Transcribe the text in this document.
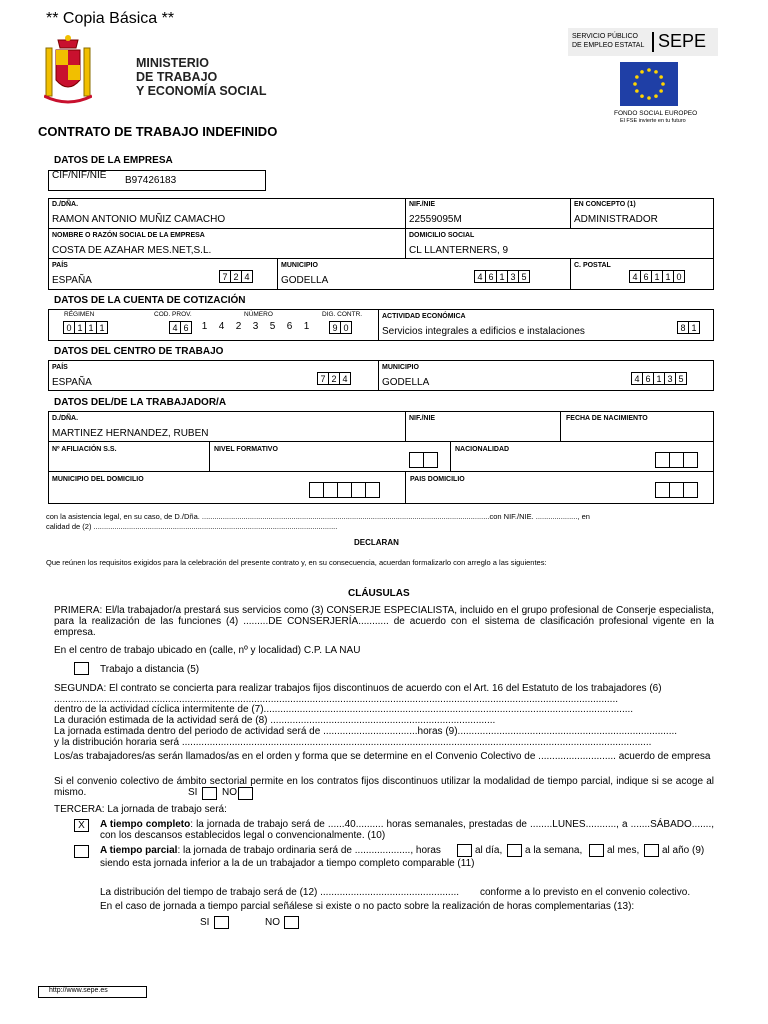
** Copia Básica **
MINISTERIO
DE TRABAJO
Y ECONOMÍA SOCIAL
SERVICIO PÚBLICO
DE EMPLEO ESTATAL SEPE
FONDO SOCIAL EUROPEO
El FSE invierte en tu futuro
CONTRATO DE TRABAJO INDEFINIDO
DATOS DE LA EMPRESA
CIF/NIF/NIE B97426183
D./DÑA.
RAMON ANTONIO MUÑIZ CAMACHO
NIF./NIE
22559095M
EN CONCEPTO (1)
ADMINISTRADOR
NOMBRE O RAZÓN SOCIAL DE LA EMPRESA
COSTA DE AZAHAR MES.NET,S.L.
DOMICILIO SOCIAL
CL LLANTERNERS, 9
PAÍS
ESPAÑA	7 2 4
MUNICIPIO
GODELLA	4 6 1 3 5
C. POSTAL
4 6 1 1 0
DATOS DE LA CUENTA DE COTIZACIÓN
RÉGIMEN
0 1 1 1
COD. PROV.
4 6
NÚMERO
1	4	2	3	5	6	1
DIG. CONTR.
9 0
ACTIVIDAD ECONÓMICA
Servicios integrales a edificios e instalaciones	8 1
DATOS DEL CENTRO DE TRABAJO
PAÍS
ESPAÑA	7 2 4
MUNICIPIO
GODELLA	4 6 1 3 5
DATOS DEL/DE LA TRABAJADOR/A
D./DÑA.
MARTINEZ HERNANDEZ, RUBEN
NIF./NIE	FECHA DE NACIMIENTO
Nº AFILIACIÓN S.S.	NIVEL FORMATIVO	NACIONALIDAD
MUNICIPIO DEL DOMICILIO	PAIS DOMICILIO
con la asistencia legal, en su caso, de D./Dña. ..........................................................................................................................................con NIF./NIE. ...................., en
calidad de (2) .....................................................................................................................
DECLARAN
Que reúnen los requisitos exigidos para la celebración del presente contrato y, en su consecuencia, acuerdan formalizarlo con arreglo a las siguientes:
CLÁUSULAS
PRIMERA: El/la trabajador/a prestará sus servicios como (3) CONSERJE ESPECIALISTA, incluido en el grupo profesional de Conserje especialista, para la realización de las funciones (4) .........DE CONSERJERÍA........... de acuerdo con el sistema de clasificación profesional vigente en la empresa.
En el centro de trabajo ubicado en (calle, nº y localidad) C.P. LA NAU
Trabajo a distancia (5)
SEGUNDA: El contrato se concierta para realizar trabajos fijos discontinuos de acuerdo con el Art. 16 del Estatuto de los trabajadores (6)
...........................................................................................................................................................................................................
dentro de la actividad cíclica intermitente de (7).....................................................................................................................................
La duración estimada de la actividad será de (8) .................................................................................
La jornada estimada dentro del periodo de actividad será de ..................................horas (9)...............................................................................
y la distribución horaria será .........................................................................................................................................................................
Los/as trabajadores/as serán llamados/as en el orden y forma que se determine en el Convenio Colectivo de ............................ acuerdo de empresa
Si el convenio colectivo de ámbito sectorial permite en los contratos fijos discontinuos utilizar la modalidad de tiempo parcial, indique si se acoge al mismo.	SI NO
TERCERA: La jornada de trabajo será:
X	A tiempo completo: la jornada de trabajo será de ......40.......... horas semanales, prestadas de ........LUNES..........., a .......SÁBADO......., con los descansos establecidos legal o convencionalmente. (10)
A tiempo parcial: la jornada de trabajo ordinaria será de ...................., horas	al día, a la semana, al mes, al año (9)
siendo esta jornada inferior a la de un trabajador a tiempo completo comparable (11)
La distribución del tiempo de trabajo será de (12) .................................................. conforme a lo previsto en el convenio colectivo.
En el caso de jornada a tiempo parcial señálese si existe o no pacto sobre la realización de horas complementarias (13):
SI	NO
http://www.sepe.es
